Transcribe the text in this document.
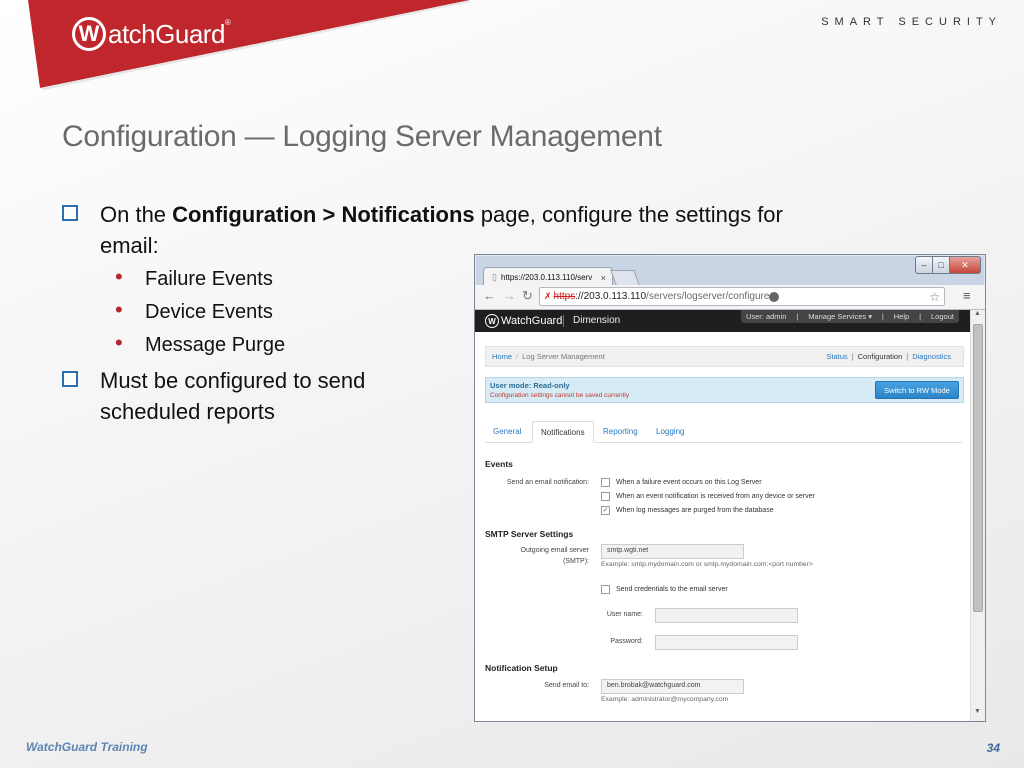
W atchGuard ®	SMART SECURITY
Configuration — Logging Server Management
On the Configuration > Notifications page, configure the settings for
email:
• Failure Events
• Device Events
• Message Purge
Must be configured to send
scheduled reports
▯ https://203.0.113.110/serv ×
–	□	✕
← → ↻ ✗ https ://203.0.113.110 /servers/logserver/configure	☆ ≡
W WatchGuard Dimension	User: admin | Manage Services ▾ | Help | Logout
Home / Log Server Management	Status | Configuration | Diagnostics
User mode: Read-only
Configuration settings cannot be saved currently
Switch to RW Mode
General	Notifications	Reporting	Logging
Events
Send an email notification:	When a failure event occurs on this Log Server
When an event notification is received from any device or server
✓ When log messages are purged from the database
SMTP Server Settings
Outgoing email server
(SMTP):
smtp.wgti.net
Example: smtp.mydomain.com or smtp.mydomain.com:<port number>
Send credentials to the email server
User name:
Password:
Notification Setup
Send email to:	ben.brobak@watchguard.com
Example: administrator@mycompany.com
▲
▼
WatchGuard Training	34
